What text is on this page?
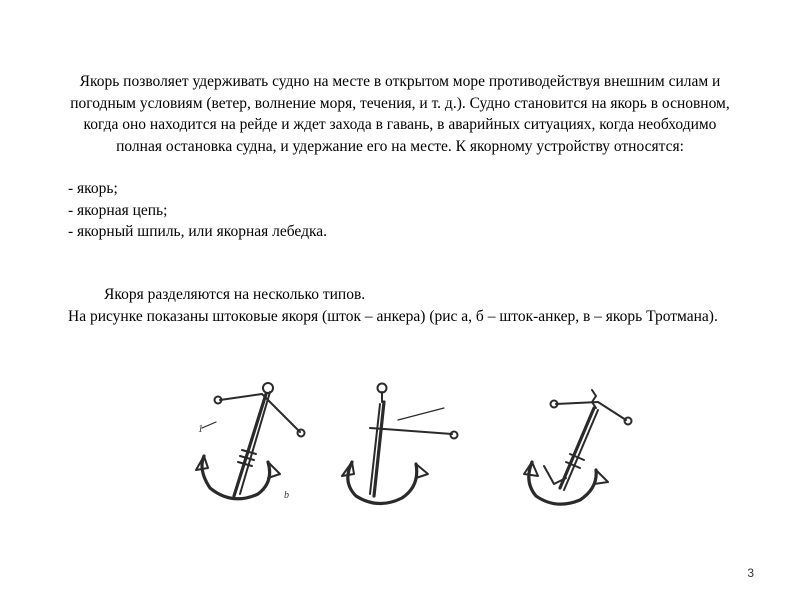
Якорь позволяет удерживать судно на месте в открытом море противодействуя внешним силам и погодным условиям (ветер, волнение моря, течения, и т. д.). Судно становится на якорь в основном, когда оно находится на рейде и ждет захода в гавань, в аварийных ситуациях, когда необходимо полная остановка судна, и удержание его на месте. К якорному устройству относятся:

- якорь;
- якорная цепь;
- якорный шпиль, или якорная лебедка.

Якоря разделяются на несколько типов.
На рисунке показаны штоковые якоря (шток – анкера) (рис а, б – шток-анкер, в – якорь Тротмана).

1
b
3
